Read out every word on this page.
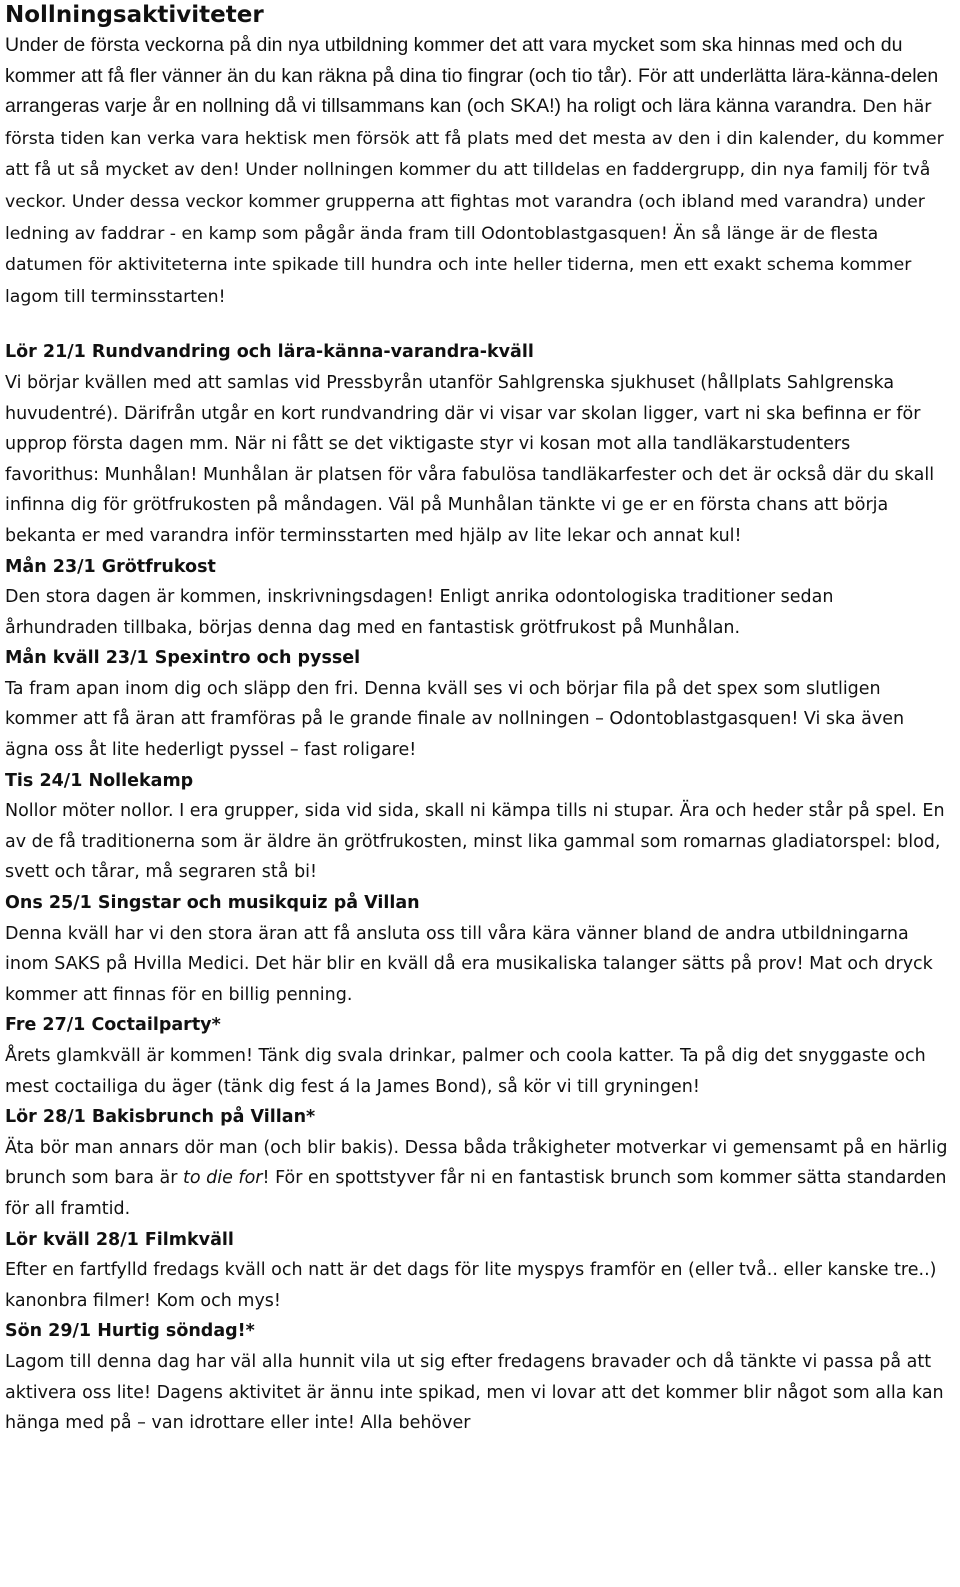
Nollningsaktiviteter

Under de första veckorna på din nya utbildning kommer det att vara mycket som ska hinnas med och du kommer att få fler vänner än du kan räkna på dina tio fingrar (och tio tår). För att underlätta lära-känna-delen arrangeras varje år en nollning då vi tillsammans kan (och SKA!) ha roligt och lära känna varandra. Den här första tiden kan verka vara hektisk men försök att få plats med det mesta av den i din kalender, du kommer att få ut så mycket av den! Under nollningen kommer du att tilldelas en faddergrupp, din nya familj för två veckor. Under dessa veckor kommer grupperna att fightas mot varandra (och ibland med varandra) under ledning av faddrar - en kamp som pågår ända fram till Odontoblastgasquen! Än så länge är de flesta datumen för aktiviteterna inte spikade till hundra och inte heller tiderna, men ett exakt schema kommer lagom till terminsstarten!

Lör 21/1 Rundvandring och lära-känna-varandra-kväll
Vi börjar kvällen med att samlas vid Pressbyrån utanför Sahlgrenska sjukhuset (hållplats Sahlgrenska huvudentré). Därifrån utgår en kort rundvandring där vi visar var skolan ligger, vart ni ska befinna er för upprop första dagen mm. När ni fått se det viktigaste styr vi kosan mot alla tandläkarstudenters favorithus: Munhålan! Munhålan är platsen för våra fabulösa tandläkarfester och det är också där du skall infinna dig för grötfrukosten på måndagen. Väl på Munhålan tänkte vi ge er en första chans att börja bekanta er med varandra inför terminsstarten med hjälp av lite lekar och annat kul!
Mån 23/1 Grötfrukost
Den stora dagen är kommen, inskrivningsdagen! Enligt anrika odontologiska traditioner sedan århundraden tillbaka, börjas denna dag med en fantastisk grötfrukost på Munhålan.
Mån kväll 23/1 Spexintro och pyssel
Ta fram apan inom dig och släpp den fri. Denna kväll ses vi och börjar fila på det spex som slutligen kommer att få äran att framföras på le grande finale av nollningen – Odontoblastgasquen! Vi ska även ägna oss åt lite hederligt pyssel – fast roligare!
Tis 24/1 Nollekamp
Nollor möter nollor. I era grupper, sida vid sida, skall ni kämpa tills ni stupar. Ära och heder står på spel. En av de få traditionerna som är äldre än grötfrukosten, minst lika gammal som romarnas gladiatorspel: blod, svett och tårar, må segraren stå bi!
Ons 25/1 Singstar och musikquiz på Villan
Denna kväll har vi den stora äran att få ansluta oss till våra kära vänner bland de andra utbildningarna inom SAKS på Hvilla Medici. Det här blir en kväll då era musikaliska talanger sätts på prov! Mat och dryck kommer att finnas för en billig penning.
Fre 27/1 Coctailparty*
Årets glamkväll är kommen! Tänk dig svala drinkar, palmer och coola katter. Ta på dig det snyggaste och mest coctailiga du äger (tänk dig fest á la James Bond), så kör vi till gryningen!
Lör 28/1 Bakisbrunch på Villan*
Äta bör man annars dör man (och blir bakis). Dessa båda tråkigheter motverkar vi gemensamt på en härlig brunch som bara är to die for! För en spottstyver får ni en fantastisk brunch som kommer sätta standarden för all framtid.
Lör kväll 28/1 Filmkväll
Efter en fartfylld fredags kväll och natt är det dags för lite myspys framför en (eller två.. eller kanske tre..) kanonbra filmer! Kom och mys!
Sön 29/1 Hurtig söndag!*
Lagom till denna dag har väl alla hunnit vila ut sig efter fredagens bravader och då tänkte vi passa på att aktivera oss lite! Dagens aktivitet är ännu inte spikad, men vi lovar att det kommer blir något som alla kan hänga med på – van idrottare eller inte! Alla behöver
